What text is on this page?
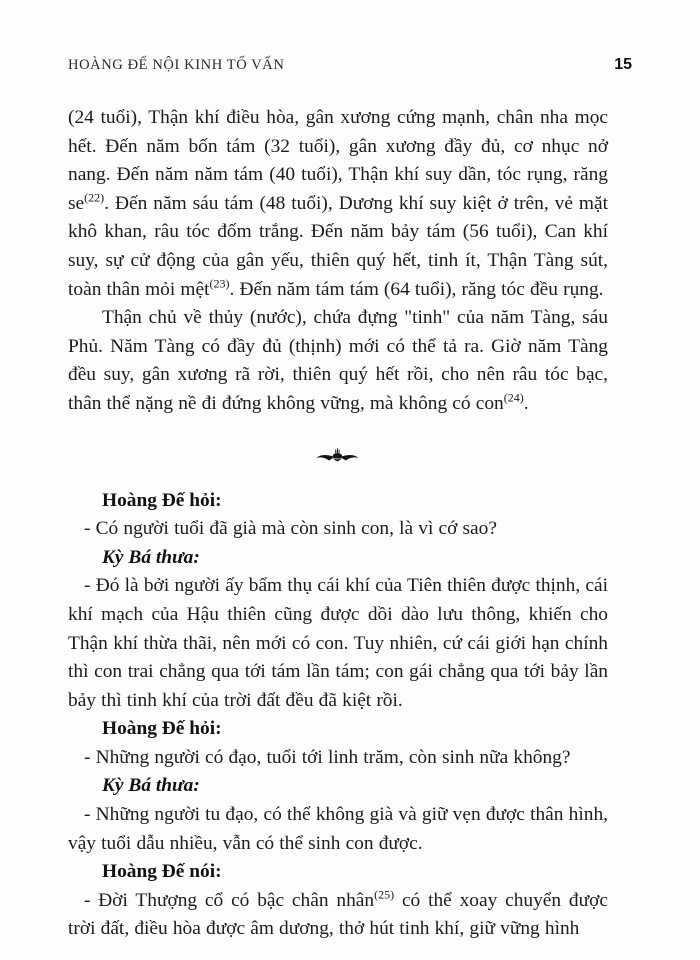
HOÀNG ĐẾ NỘI KINH TỐ VẤN	15

(24 tuổi), Thận khí điều hòa, gân xương cứng mạnh, chân nha mọc hết. Đến năm bốn tám (32 tuổi), gân xương đầy đủ, cơ nhục nở nang. Đến năm năm tám (40 tuổi), Thận khí suy dần, tóc rụng, răng se$^{(22)}$. Đến năm sáu tám (48 tuổi), Dương khí suy kiệt ở trên, vẻ mặt khô khan, râu tóc đốm trắng. Đến năm bảy tám (56 tuổi), Can khí suy, sự cử động của gân yếu, thiên quý hết, tinh ít, Thận Tàng sút, toàn thân mỏi mệt$^{(23)}$. Đến năm tám tám (64 tuổi), răng tóc đều rụng.

Thận chủ về thủy (nước), chứa đựng "tinh" của năm Tàng, sáu Phủ. Năm Tàng có đầy đủ (thịnh) mới có thể tả ra. Giờ năm Tàng đều suy, gân xương rã rời, thiên quý hết rồi, cho nên râu tóc bạc, thân thể nặng nề đi đứng không vững, mà không có con$^{(24)}$.

Hoàng Đế hỏi:

- Có người tuổi đã già mà còn sinh con, là vì cớ sao?

Kỳ Bá thưa:

- Đó là bởi người ấy bẩm thụ cái khí của Tiên thiên được thịnh, cái khí mạch của Hậu thiên cũng được dồi dào lưu thông, khiến cho Thận khí thừa thãi, nên mới có con. Tuy nhiên, cứ cái giới hạn chính thì con trai chẳng qua tới tám lần tám; con gái chẳng qua tới bảy lần bảy thì tinh khí của trời đất đều đã kiệt rồi.

Hoàng Đế hỏi:

- Những người có đạo, tuổi tới linh trăm, còn sinh nữa không?

Kỳ Bá thưa:

- Những người tu đạo, có thể không già và giữ vẹn được thân hình, vậy tuổi dẫu nhiều, vẫn có thể sinh con được.

Hoàng Đế nói:

- Đời Thượng cổ có bậc chân nhân$^{(25)}$ có thể xoay chuyển được trời đất, điều hòa được âm dương, thở hút tinh khí, giữ vững hình
